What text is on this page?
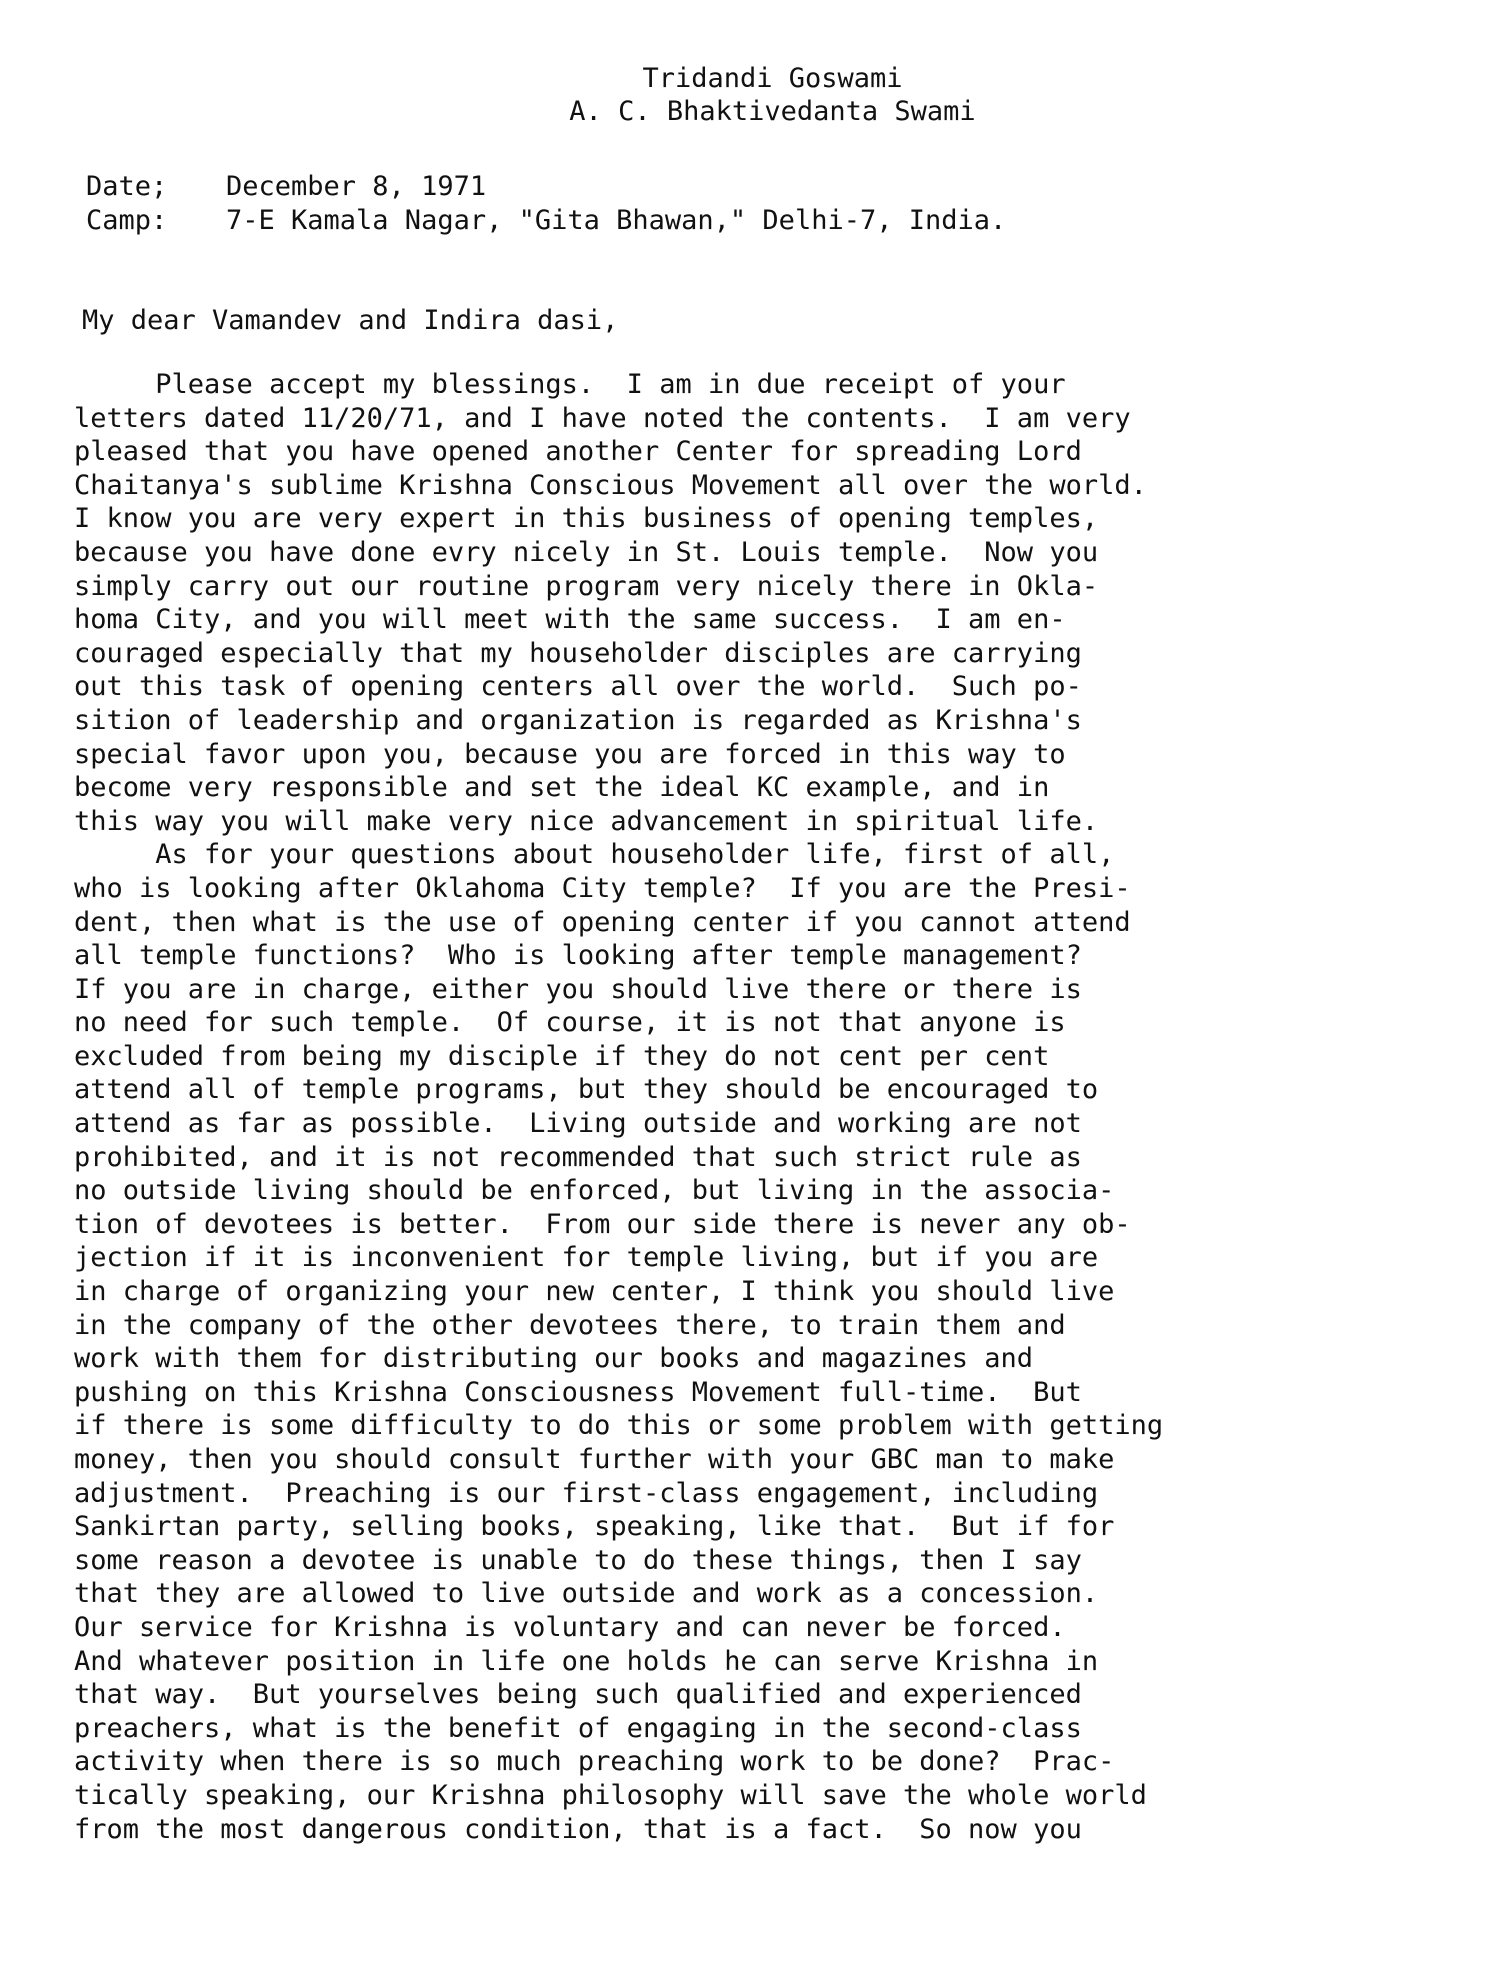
Tridandi Goswami
A. C. Bhaktivedanta Swami
Date; December 8, 1971
Camp: 7-E Kamala Nagar, "Gita Bhawan," Delhi-7, India.
My dear Vamandev and Indira dasi,
Please accept my blessings.  I am in due receipt of your
letters dated 11/20/71, and I have noted the contents.  I am very
pleased that you have opened another Center for spreading Lord
Chaitanya's sublime Krishna Conscious Movement all over the world.
I know you are very expert in this business of opening temples,
because you have done evry nicely in St. Louis temple.  Now you
simply carry out our routine program very nicely there in Okla-
homa City, and you will meet with the same success.  I am en-
couraged especially that my householder disciples are carrying
out this task of opening centers all over the world.  Such po-
sition of leadership and organization is regarded as Krishna's
special favor upon you, because you are forced in this way to
become very responsible and set the ideal KC example, and in
this way you will make very nice advancement in spiritual life.
As for your questions about householder life, first of all,
who is looking after Oklahoma City temple?  If you are the Presi-
dent, then what is the use of opening center if you cannot attend
all temple functions?  Who is looking after temple management?
If you are in charge, either you should live there or there is
no need for such temple.  Of course, it is not that anyone is
excluded from being my disciple if they do not cent per cent
attend all of temple programs, but they should be encouraged to
attend as far as possible.  Living outside and working are not
prohibited, and it is not recommended that such strict rule as
no outside living should be enforced, but living in the associa-
tion of devotees is better.  From our side there is never any ob-
jection if it is inconvenient for temple living, but if you are
in charge of organizing your new center, I think you should live
in the company of the other devotees there, to train them and
work with them for distributing our books and magazines and
pushing on this Krishna Consciousness Movement full-time.  But
if there is some difficulty to do this or some problem with getting
money, then you should consult further with your GBC man to make
adjustment.  Preaching is our first-class engagement, including
Sankirtan party, selling books, speaking, like that.  But if for
some reason a devotee is unable to do these things, then I say
that they are allowed to live outside and work as a concession.
Our service for Krishna is voluntary and can never be forced.
And whatever position in life one holds he can serve Krishna in
that way.  But yourselves being such qualified and experienced
preachers, what is the benefit of engaging in the second-class
activity when there is so much preaching work to be done?  Prac-
tically speaking, our Krishna philosophy will save the whole world
from the most dangerous condition, that is a fact.  So now you
